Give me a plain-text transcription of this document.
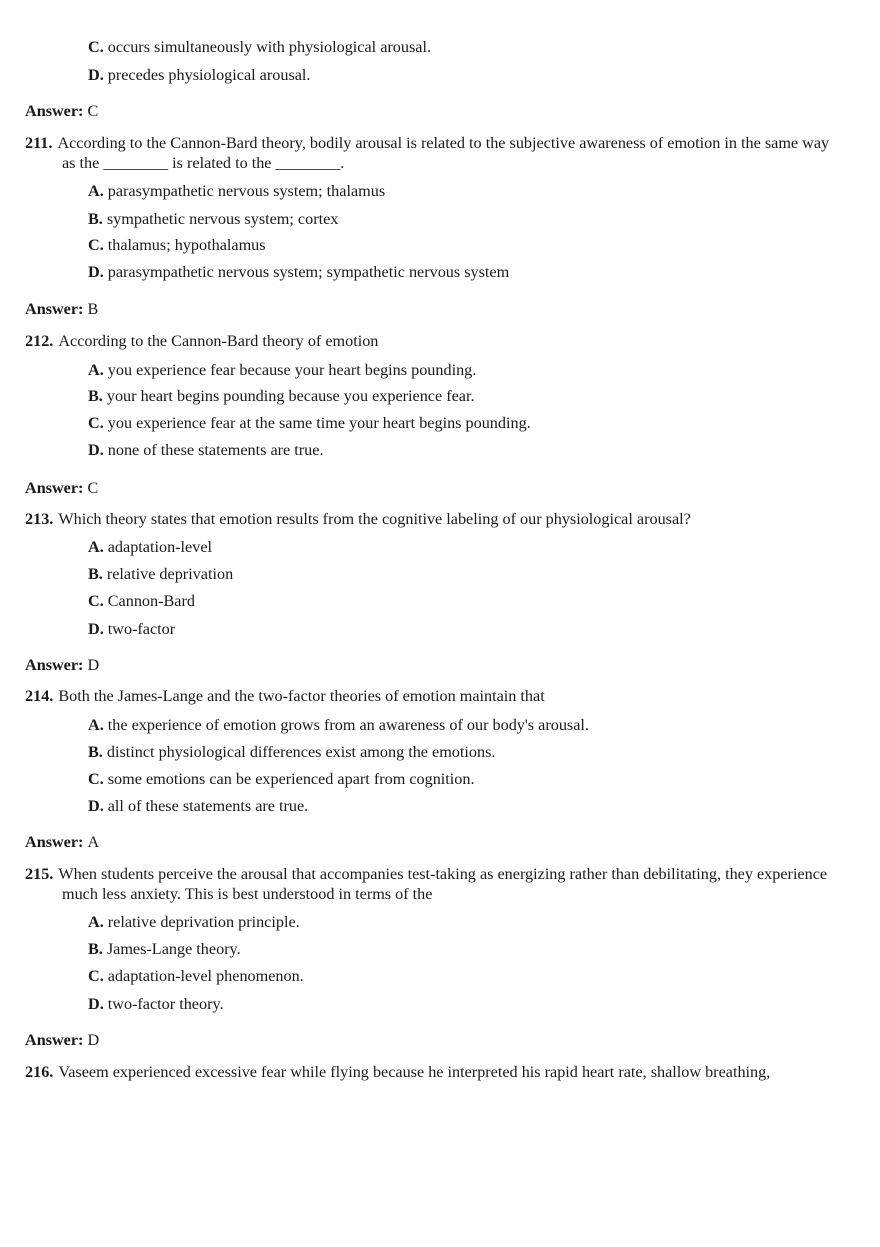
C. occurs simultaneously with physiological arousal.
D. precedes physiological arousal.
Answer: C
211. According to the Cannon-Bard theory, bodily arousal is related to the subjective awareness of emotion in the same way as the ________ is related to the ________.
A. parasympathetic nervous system; thalamus
B. sympathetic nervous system; cortex
C. thalamus; hypothalamus
D. parasympathetic nervous system; sympathetic nervous system
Answer: B
212. According to the Cannon-Bard theory of emotion
A. you experience fear because your heart begins pounding.
B. your heart begins pounding because you experience fear.
C. you experience fear at the same time your heart begins pounding.
D. none of these statements are true.
Answer: C
213. Which theory states that emotion results from the cognitive labeling of our physiological arousal?
A. adaptation-level
B. relative deprivation
C. Cannon-Bard
D. two-factor
Answer: D
214. Both the James-Lange and the two-factor theories of emotion maintain that
A. the experience of emotion grows from an awareness of our body's arousal.
B. distinct physiological differences exist among the emotions.
C. some emotions can be experienced apart from cognition.
D. all of these statements are true.
Answer: A
215. When students perceive the arousal that accompanies test-taking as energizing rather than debilitating, they experience much less anxiety. This is best understood in terms of the
A. relative deprivation principle.
B. James-Lange theory.
C. adaptation-level phenomenon.
D. two-factor theory.
Answer: D
216. Vaseem experienced excessive fear while flying because he interpreted his rapid heart rate, shallow breathing,
